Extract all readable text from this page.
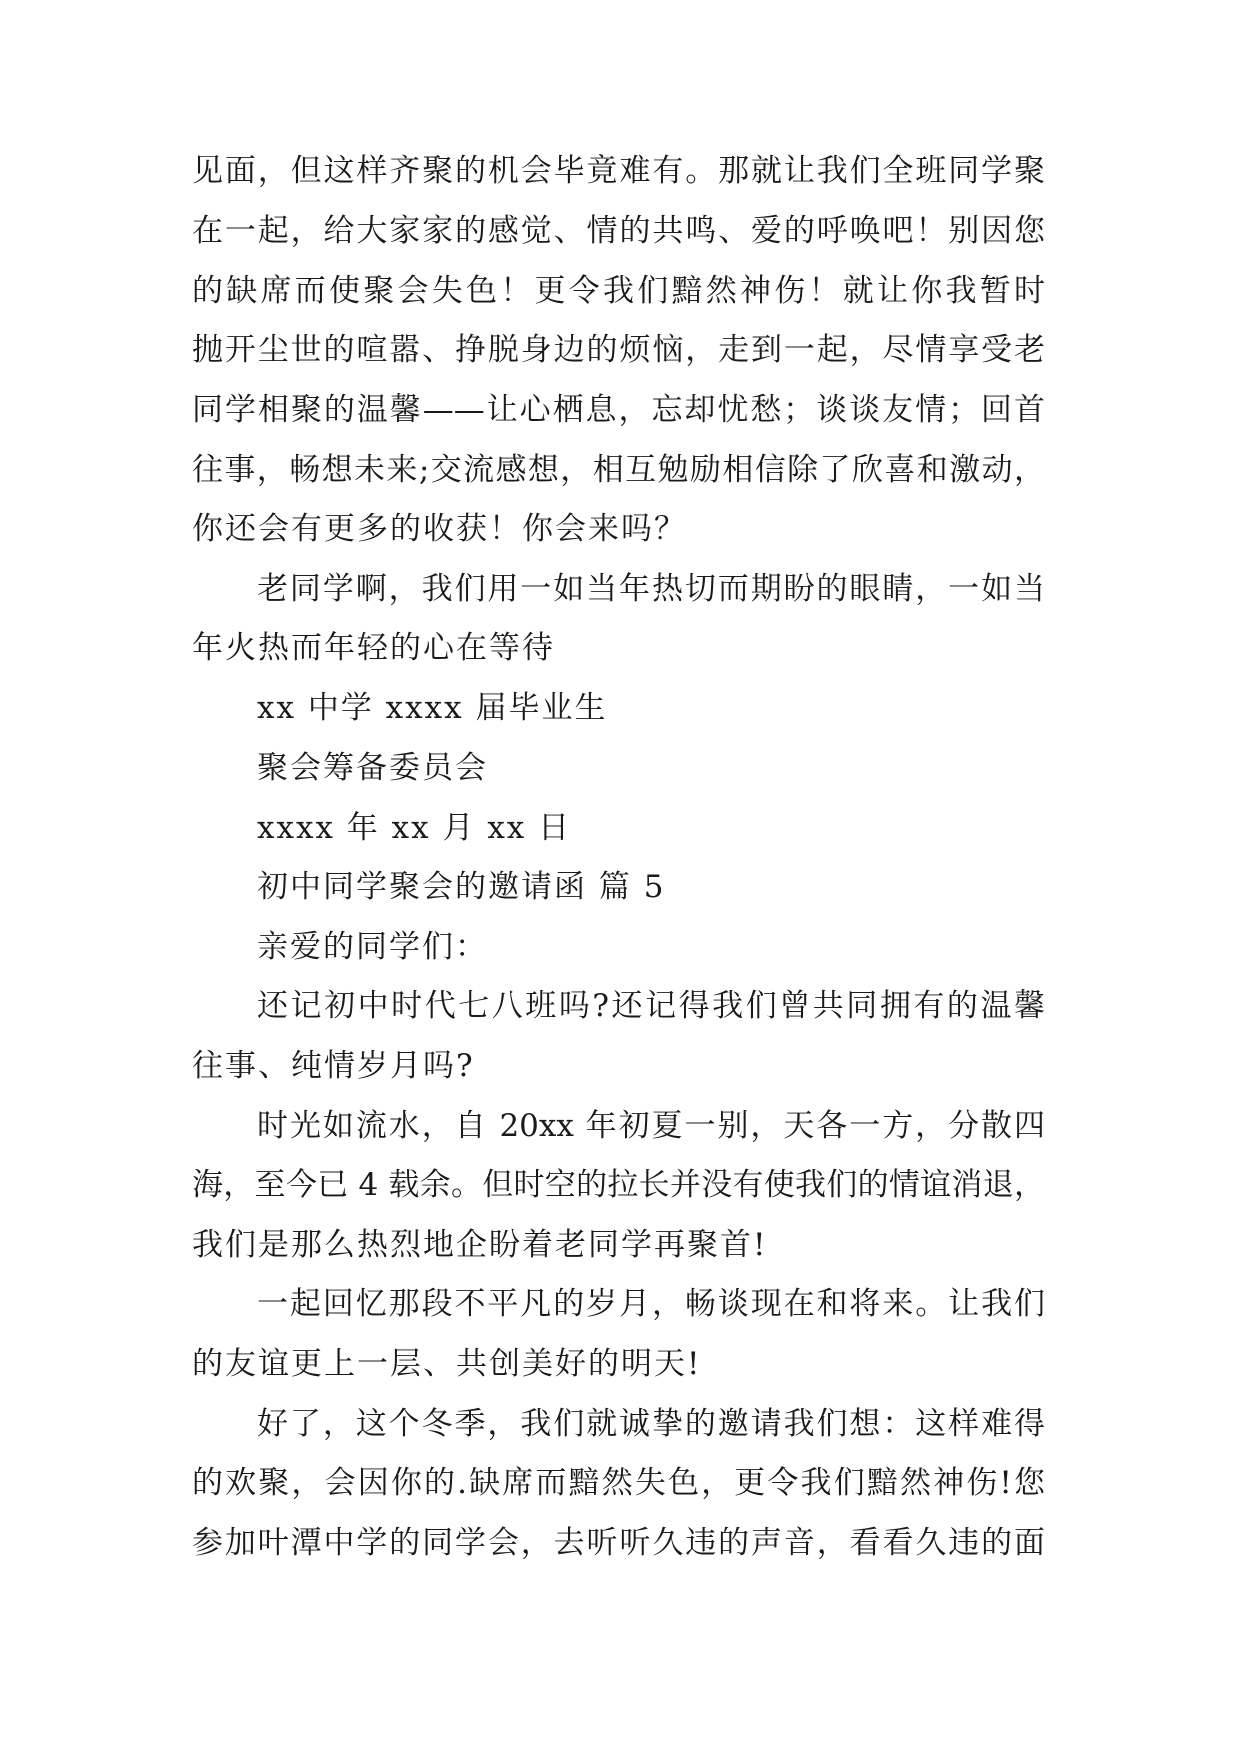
见面，但这样齐聚的机会毕竟难有。那就让我们全班同学聚
在一起，给大家家的感觉、情的共鸣、爱的呼唤吧！别因您
的缺席而使聚会失色！更令我们黯然神伤！就让你我暂时
抛开尘世的喧嚣、挣脱身边的烦恼，走到一起，尽情享受老
同学相聚的温馨——让心栖息，忘却忧愁；谈谈友情；回首
往事，畅想未来;交流感想，相互勉励相信除了欣喜和激动，
你还会有更多的收获！你会来吗？
老同学啊，我们用一如当年热切而期盼的眼睛，一如当
年火热而年轻的心在等待
xx 中学 xxxx 届毕业生
聚会筹备委员会
xxxx 年 xx 月 xx 日
初中同学聚会的邀请函 篇 5
亲爱的同学们：
还记初中时代七八班吗?还记得我们曾共同拥有的温馨
往事、纯情岁月吗?
时光如流水，自 20xx 年初夏一别，天各一方，分散四
海，至今已 4 载余。但时空的拉长并没有使我们的情谊消退，
我们是那么热烈地企盼着老同学再聚首!
一起回忆那段不平凡的岁月，畅谈现在和将来。让我们
的友谊更上一层、共创美好的明天!
好了，这个冬季，我们就诚挚的邀请我们想：这样难得
的欢聚，会因你的.缺席而黯然失色，更令我们黯然神伤!您
参加叶潭中学的同学会，去听听久违的声音，看看久违的面
